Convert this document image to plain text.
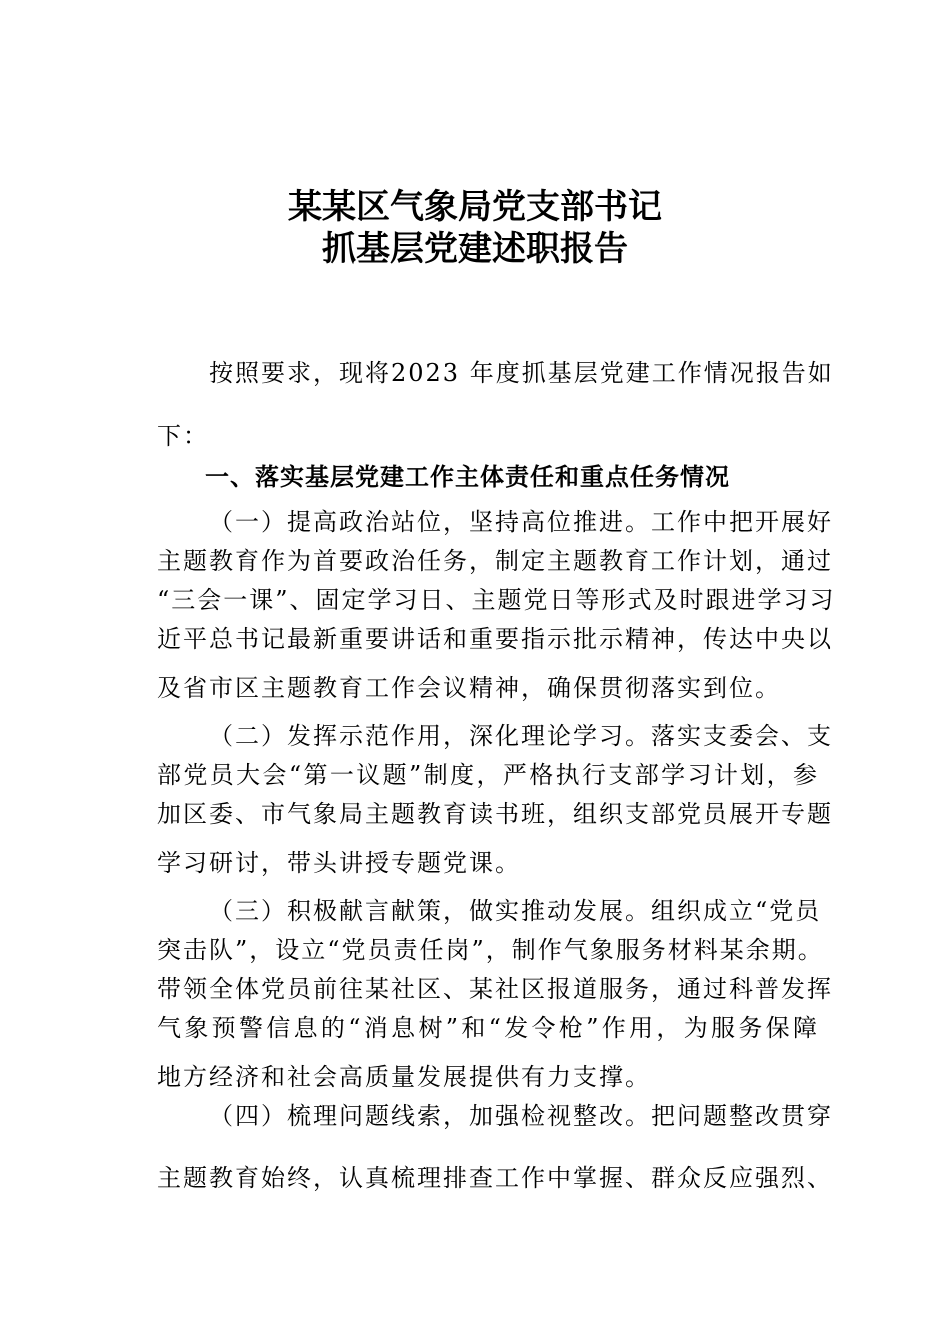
某某区气象局党支部书记
抓基层党建述职报告
按照要求，现将2023 年度抓基层党建工作情况报告如
下：
一、落实基层党建工作主体责任和重点任务情况
（一）提高政治站位，坚持高位推进。工作中把开展好
主题教育作为首要政治任务，制定主题教育工作计划，通过
“三会一课”、固定学习日、主题党日等形式及时跟进学习习
近平总书记最新重要讲话和重要指示批示精神，传达中央以
及省市区主题教育工作会议精神，确保贯彻落实到位。
（二）发挥示范作用，深化理论学习。落实支委会、支
部党员大会“第一议题”制度，严格执行支部学习计划，参
加区委、市气象局主题教育读书班，组织支部党员展开专题
学习研讨，带头讲授专题党课。
（三）积极献言献策，做实推动发展。组织成立“党员
突击队”，设立“党员责任岗”，制作气象服务材料某余期。
带领全体党员前往某社区、某社区报道服务，通过科普发挥
气象预警信息的“消息树”和“发令枪”作用，为服务保障
地方经济和社会高质量发展提供有力支撑。
（四）梳理问题线索，加强检视整改。把问题整改贯穿
主题教育始终，认真梳理排查工作中掌握、群众反应强烈、
